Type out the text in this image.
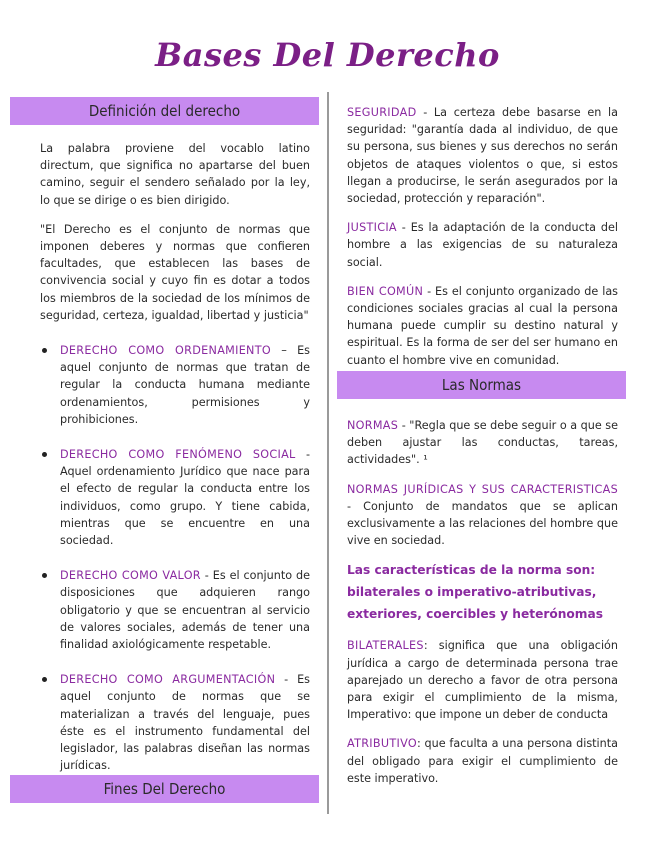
Bases Del Derecho
Definición del derecho

La palabra proviene del vocablo latino directum, que significa no apartarse del buen camino, seguir el sendero señalado por la ley, lo que se dirige o es bien dirigido.

"El Derecho es el conjunto de normas que imponen deberes y normas que confieren facultades, que establecen las bases de convivencia social y cuyo fin es dotar a todos los miembros de la sociedad de los mínimos de seguridad, certeza, igualdad, libertad y justicia"

DERECHO COMO ORDENAMIENTO – Es aquel conjunto de normas que tratan de regular la conducta humana mediante ordenamientos, permisiones y prohibiciones.
DERECHO COMO FENÓMENO SOCIAL - Aquel ordenamiento Jurídico que nace para el efecto de regular la conducta entre los individuos, como grupo. Y tiene cabida, mientras que se encuentre en una sociedad.
DERECHO COMO VALOR - Es el conjunto de disposiciones que adquieren rango obligatorio y que se encuentran al servicio de valores sociales, además de tener una finalidad axiológicamente respetable.
DERECHO COMO ARGUMENTACIÓN - Es aquel conjunto de normas que se materializan a través del lenguaje, pues éste es el instrumento fundamental del legislador, las palabras diseñan las normas jurídicas.
Fines Del Derecho

SEGURIDAD - La certeza debe basarse en la seguridad: "garantía dada al individuo, de que su persona, sus bienes y sus derechos no serán objetos de ataques violentos o que, si estos llegan a producirse, le serán asegurados por la sociedad, protección y reparación".

JUSTICIA - Es la adaptación de la conducta del hombre a las exigencias de su naturaleza social.

BIEN COMÚN - Es el conjunto organizado de las condiciones sociales gracias al cual la persona humana puede cumplir su destino natural y espiritual. Es la forma de ser del ser humano en cuanto el hombre vive en comunidad.

Las Normas

NORMAS - "Regla que se debe seguir o a que se deben ajustar las conductas, tareas, actividades". ¹

NORMAS JURÍDICAS Y SUS CARACTERISTICAS - Conjunto de mandatos que se aplican exclusivamente a las relaciones del hombre que vive en sociedad.

Las características de la norma son: bilaterales o imperativo-atributivas, exteriores, coercibles y heterónomas

BILATERALES: significa que una obligación jurídica a cargo de determinada persona trae aparejado un derecho a favor de otra persona para exigir el cumplimiento de la misma, Imperativo: que impone un deber de conducta

ATRIBUTIVO: que faculta a una persona distinta del obligado para exigir el cumplimiento de este imperativo.
